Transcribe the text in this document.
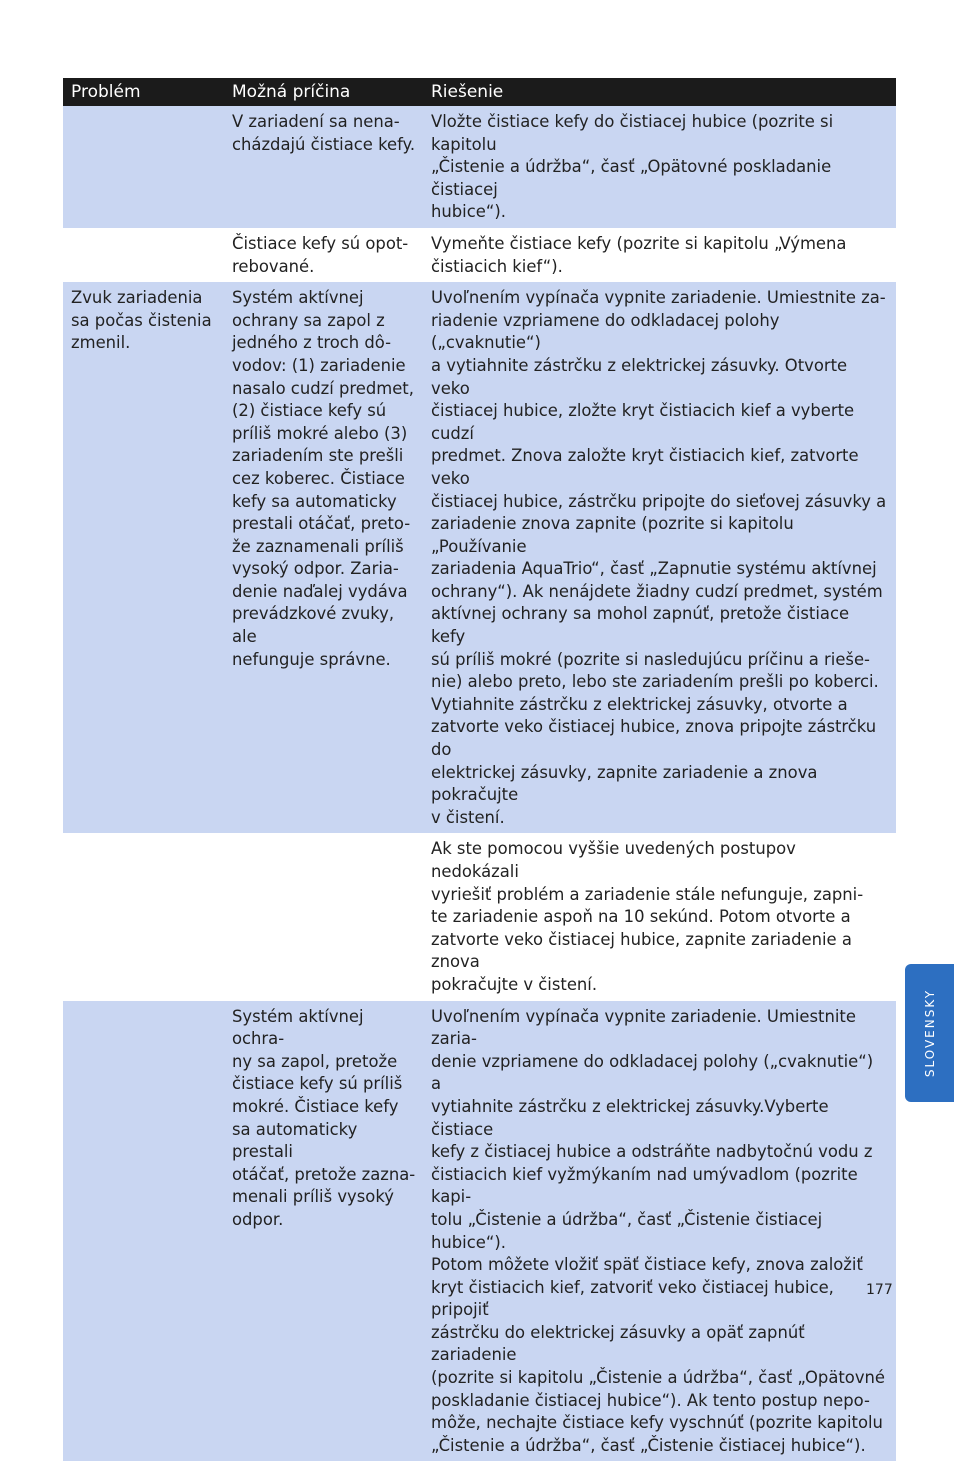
Problém	Možná príčina	Riešenie
V zariadení sa nena-
cházdajú čistiace kefy.
Vložte čistiace kefy do čistiacej hubice (pozrite si kapitolu
„Čistenie a údržba“, časť „Opätovné poskladanie čistiacej
hubice“).
Čistiace kefy sú opot-
rebované.
Vymeňte čistiace kefy (pozrite si kapitolu „Výmena
čistiacich kief“).
Zvuk zariadenia
sa počas čistenia
zmenil.
Systém aktívnej
ochrany sa zapol z
jedného z troch dô-
vodov: (1) zariadenie
nasalo cudzí predmet,
(2) čistiace kefy sú
príliš mokré alebo (3)
zariadením ste prešli
cez koberec. Čistiace
kefy sa automaticky
prestali otáčať, preto-
že zaznamenali príliš
vysoký odpor. Zaria-
denie naďalej vydáva
prevádzkové zvuky, ale
nefunguje správne.
Uvoľnením vypínača vypnite zariadenie. Umiestnite za-
riadenie vzpriamene do odkladacej polohy („cvaknutie“)
a vytiahnite zástrčku z elektrickej zásuvky. Otvorte veko
čistiacej hubice, zložte kryt čistiacich kief a vyberte cudzí
predmet. Znova založte kryt čistiacich kief, zatvorte veko
čistiacej hubice, zástrčku pripojte do sieťovej zásuvky a
zariadenie znova zapnite (pozrite si kapitolu „Používanie
zariadenia AquaTrio“, časť „Zapnutie systému aktívnej
ochrany“). Ak nenájdete žiadny cudzí predmet, systém
aktívnej ochrany sa mohol zapnúť, pretože čistiace kefy
sú príliš mokré (pozrite si nasledujúcu príčinu a rieše-
nie) alebo preto, lebo ste zariadením prešli po koberci.
Vytiahnite zástrčku z elektrickej zásuvky, otvorte a
zatvorte veko čistiacej hubice, znova pripojte zástrčku do
elektrickej zásuvky, zapnite zariadenie a znova pokračujte
v čistení.
Ak ste pomocou vyššie uvedených postupov nedokázali
vyriešiť problém a zariadenie stále nefunguje, zapni-
te zariadenie aspoň na 10 sekúnd. Potom otvorte a
zatvorte veko čistiacej hubice, zapnite zariadenie a znova
pokračujte v čistení.
Systém aktívnej ochra-
ny sa zapol, pretože
čistiace kefy sú príliš
mokré. Čistiace kefy
sa automaticky prestali
otáčať, pretože zazna-
menali príliš vysoký
odpor.
Uvoľnením vypínača vypnite zariadenie. Umiestnite zaria-
denie vzpriamene do odkladacej polohy („cvaknutie“) a
vytiahnite zástrčku z elektrickej zásuvky.Vyberte čistiace
kefy z čistiacej hubice a odstráňte nadbytočnú vodu z
čistiacich kief vyžmýkaním nad umývadlom (pozrite kapi-
tolu „Čistenie a údržba“, časť „Čistenie čistiacej hubice“).
Potom môžete vložiť späť čistiace kefy, znova založiť
kryt čistiacich kief, zatvoriť veko čistiacej hubice, pripojiť
zástrčku do elektrickej zásuvky a opäť zapnúť zariadenie
(pozrite si kapitolu „Čistenie a údržba“, časť „Opätovné
poskladanie čistiacej hubice“). Ak tento postup nepo-
môže, nechajte čistiace kefy vyschnúť (pozrite kapitolu
„Čistenie a údržba“, časť „Čistenie čistiacej hubice“).
SLOVENSKY
177
